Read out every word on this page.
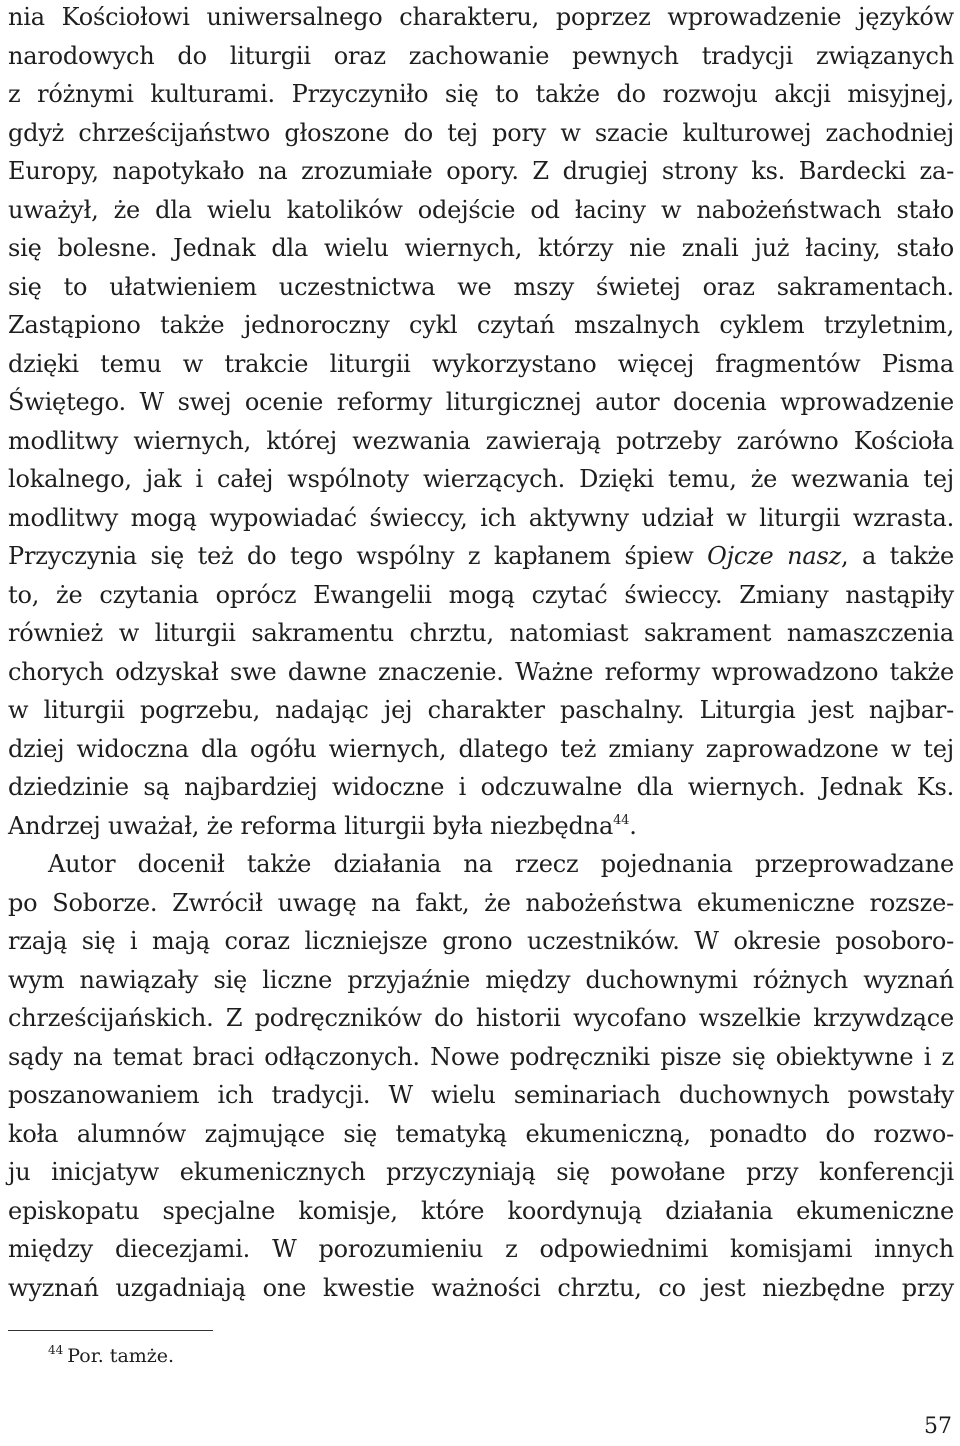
nia Kościołowi uniwersalnego charakteru, poprzez wprowadzenie języków
narodowych do liturgii oraz zachowanie pewnych tradycji związanych
z różnymi kulturami. Przyczyniło się to także do rozwoju akcji misyjnej,
gdyż chrześcijaństwo głoszone do tej pory w szacie kulturowej zachodniej
Europy, napotykało na zrozumiałe opory. Z drugiej strony ks. Bardecki za-
uważył, że dla wielu katolików odejście od łaciny w nabożeństwach stało
się bolesne. Jednak dla wielu wiernych, którzy nie znali już łaciny, stało
się to ułatwieniem uczestnictwa we mszy świetej oraz sakramentach.
Zastąpiono także jednoroczny cykl czytań mszalnych cyklem trzyletnim,
dzięki temu w trakcie liturgii wykorzystano więcej fragmentów Pisma
Świętego. W swej ocenie reformy liturgicznej autor docenia wprowadzenie
modlitwy wiernych, której wezwania zawierają potrzeby zarówno Kościoła
lokalnego, jak i całej wspólnoty wierzących. Dzięki temu, że wezwania tej
modlitwy mogą wypowiadać świeccy, ich aktywny udział w liturgii wzrasta.
Przyczynia się też do tego wspólny z kapłanem śpiew Ojcze nasz, a także
to, że czytania oprócz Ewangelii mogą czytać świeccy. Zmiany nastąpiły
również w liturgii sakramentu chrztu, natomiast sakrament namaszczenia
chorych odzyskał swe dawne znaczenie. Ważne reformy wprowadzono także
w liturgii pogrzebu, nadając jej charakter paschalny. Liturgia jest najbar-
dziej widoczna dla ogółu wiernych, dlatego też zmiany zaprowadzone w tej
dziedzinie są najbardziej widoczne i odczuwalne dla wiernych. Jednak Ks.
Andrzej uważał, że reforma liturgii była niezbędna$^{44}$.
Autor docenił także działania na rzecz pojednania przeprowadzane
po Soborze. Zwrócił uwagę na fakt, że nabożeństwa ekumeniczne rozsze-
rzają się i mają coraz liczniejsze grono uczestników. W okresie posoboro-
wym nawiązały się liczne przyjaźnie między duchownymi różnych wyznań
chrześcijańskich. Z podręczników do historii wycofano wszelkie krzywdzące
sądy na temat braci odłączonych. Nowe podręczniki pisze się obiektywne i z
poszanowaniem ich tradycji. W wielu seminariach duchownych powstały
koła alumnów zajmujące się tematyką ekumeniczną, ponadto do rozwo-
ju inicjatyw ekumenicznych przyczyniają się powołane przy konferencji
episkopatu specjalne komisje, które koordynują działania ekumeniczne
między diecezjami. W porozumieniu z odpowiednimi komisjami innych
wyznań uzgadniają one kwestie ważności chrztu, co jest niezbędne przy
$^{44}$ Por. tamże.
57
